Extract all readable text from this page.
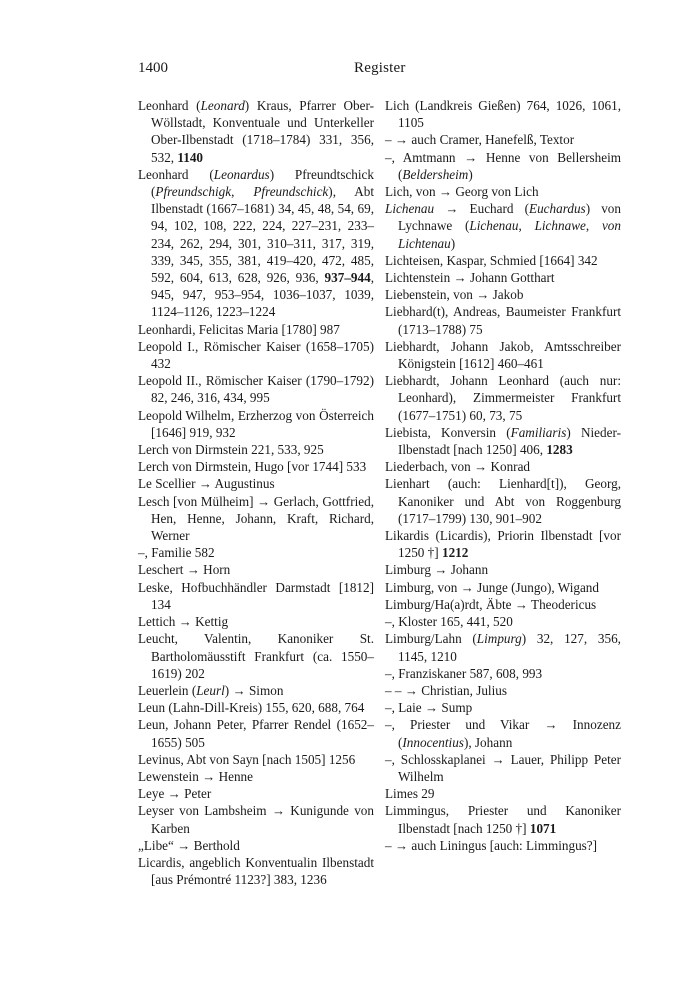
1400	Register
Leonhard (Leonard) Kraus, Pfarrer Ober-Wöllstadt, Konventuale und Unterkeller Ober-Ilbenstadt (1718–1784) 331, 356, 532, 1140
Leonhard (Leonardus) Pfreundtschick (Pfreundschigk, Pfreundschick), Abt Ilbenstadt (1667–1681) 34, 45, 48, 54, 69, 94, 102, 108, 222, 224, 227–231, 233–234, 262, 294, 301, 310–311, 317, 319, 339, 345, 355, 381, 419–420, 472, 485, 592, 604, 613, 628, 926, 936, 937–944, 945, 947, 953–954, 1036–1037, 1039, 1124–1126, 1223–1224
Leonhardi, Felicitas Maria [1780] 987
Leopold I., Römischer Kaiser (1658–1705) 432
Leopold II., Römischer Kaiser (1790–1792) 82, 246, 316, 434, 995
Leopold Wilhelm, Erzherzog von Österreich [1646] 919, 932
Lerch von Dirmstein 221, 533, 925
Lerch von Dirmstein, Hugo [vor 1744] 533
Le Scellier → Augustinus
Lesch [von Mülheim] → Gerlach, Gottfried, Hen, Henne, Johann, Kraft, Richard, Werner
–, Familie 582
Leschert → Horn
Leske, Hofbuchhändler Darmstadt [1812] 134
Lettich → Kettig
Leucht, Valentin, Kanoniker St. Bartholomäusstift Frankfurt (ca. 1550–1619) 202
Leuerlein (Leurl) → Simon
Leun (Lahn-Dill-Kreis) 155, 620, 688, 764
Leun, Johann Peter, Pfarrer Rendel (1652–1655) 505
Levinus, Abt von Sayn [nach 1505] 1256
Lewenstein → Henne
Leye → Peter
Leyser von Lambsheim → Kunigunde von Karben
„Libe“ → Berthold
Licardis, angeblich Konventualin Ilbenstadt [aus Prémontré 1123?] 383, 1236
Lich (Landkreis Gießen) 764, 1026, 1061, 1105
– → auch Cramer, Hanefelß, Textor
–, Amtmann → Henne von Bellersheim (Beldersheim)
Lich, von → Georg von Lich
Lichenau → Euchard (Euchardus) von Lychnawe (Lichenau, Lichnawe, von Lichtenau)
Lichteisen, Kaspar, Schmied [1664] 342
Lichtenstein → Johann Gotthart
Liebenstein, von → Jakob
Liebhard(t), Andreas, Baumeister Frankfurt (1713–1788) 75
Liebhardt, Johann Jakob, Amtsschreiber Königstein [1612] 460–461
Liebhardt, Johann Leonhard (auch nur: Leonhard), Zimmermeister Frankfurt (1677–1751) 60, 73, 75
Liebista, Konversin (Familiaris) Nieder-Ilbenstadt [nach 1250] 406, 1283
Liederbach, von → Konrad
Lienhart (auch: Lienhard[t]), Georg, Kanoniker und Abt von Roggenburg (1717–1799) 130, 901–902
Likardis (Licardis), Priorin Ilbenstadt [vor 1250 †] 1212
Limburg → Johann
Limburg, von → Junge (Jungo), Wigand
Limburg/Ha(a)rdt, Äbte → Theodericus
–, Kloster 165, 441, 520
Limburg/Lahn (Limpurg) 32, 127, 356, 1145, 1210
–, Franziskaner 587, 608, 993
– – → Christian, Julius
–, Laie → Sump
–, Priester und Vikar → Innozenz (Innocentius), Johann
–, Schlosskaplanei → Lauer, Philipp Peter Wilhelm
Limes 29
Limmingus, Priester und Kanoniker Ilbenstadt [nach 1250 †] 1071
– → auch Liningus [auch: Limmingus?]
